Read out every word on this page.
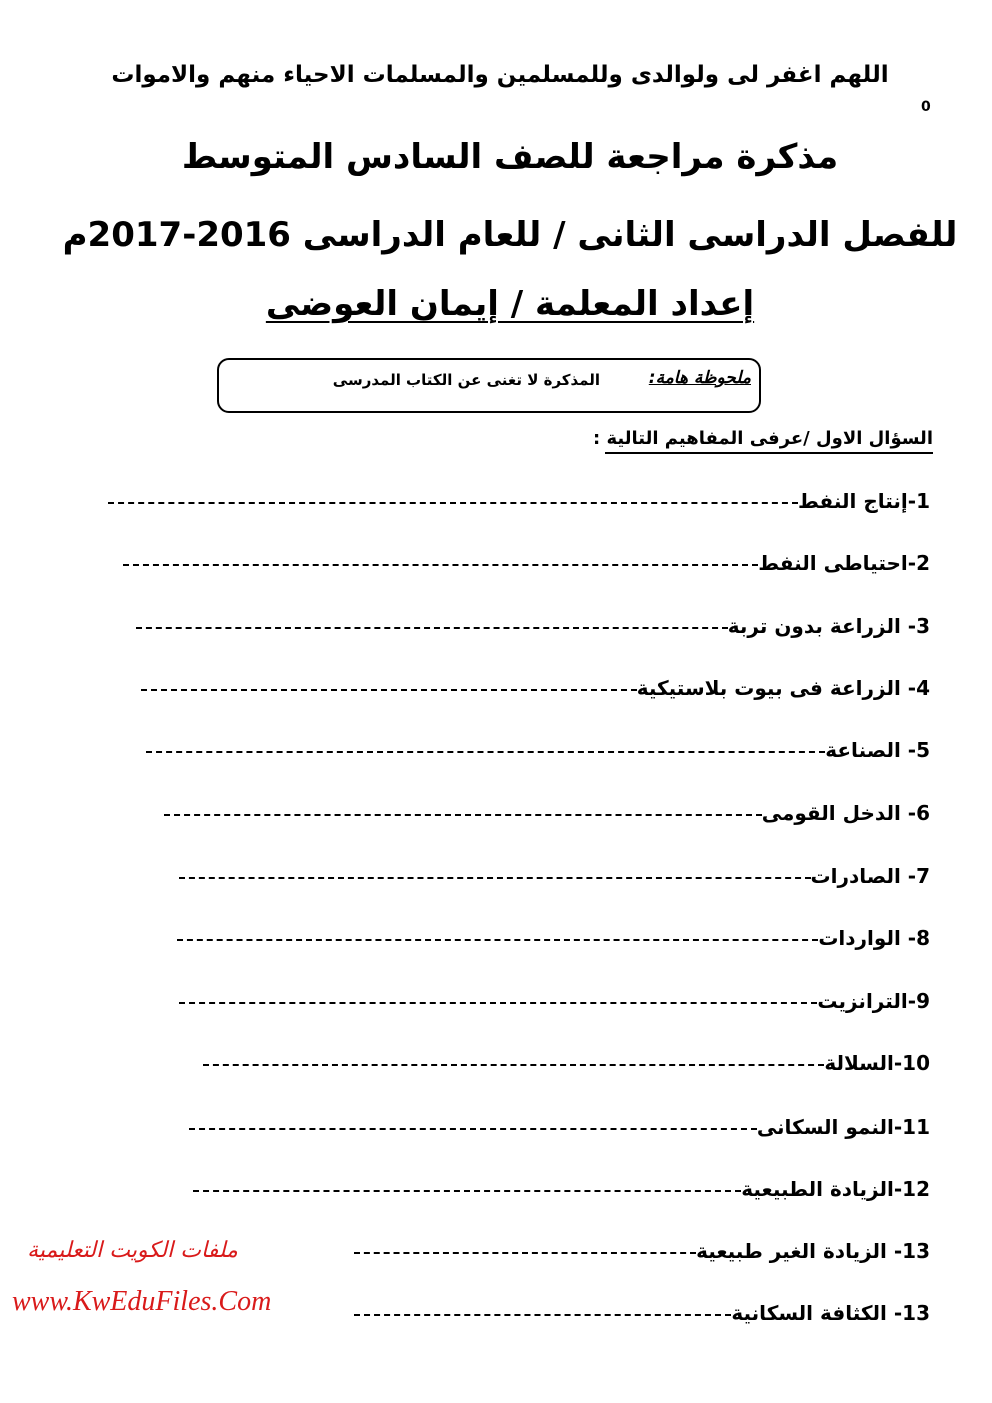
اللهم اغفر لى ولوالدى وللمسلمين والمسلمات الاحياء منهم والاموات
0
مذكرة مراجعة للصف السادس المتوسط
للفصل الدراسى الثانى / للعام الدراسى 2016-2017م
إعداد المعلمة / إيمان العوضى
ملحوظة هامة:
المذكرة لا تغنى عن الكتاب المدرسى
السؤال الاول /عرفى المفاهيم التالية :
1-إنتاج النفط
2-احتياطى النفط
3- الزراعة بدون تربة
4- الزراعة فى بيوت بلاستيكية
5- الصناعة
6- الدخل القومى
7- الصادرات
8- الواردات
9-الترانزيت
10-السلالة
11-النمو السكانى
12-الزيادة الطبيعية
13- الزيادة الغير طبيعية
13- الكثافة السكانية
ملفات الكويت التعليمية
www.KwEduFiles.Com
